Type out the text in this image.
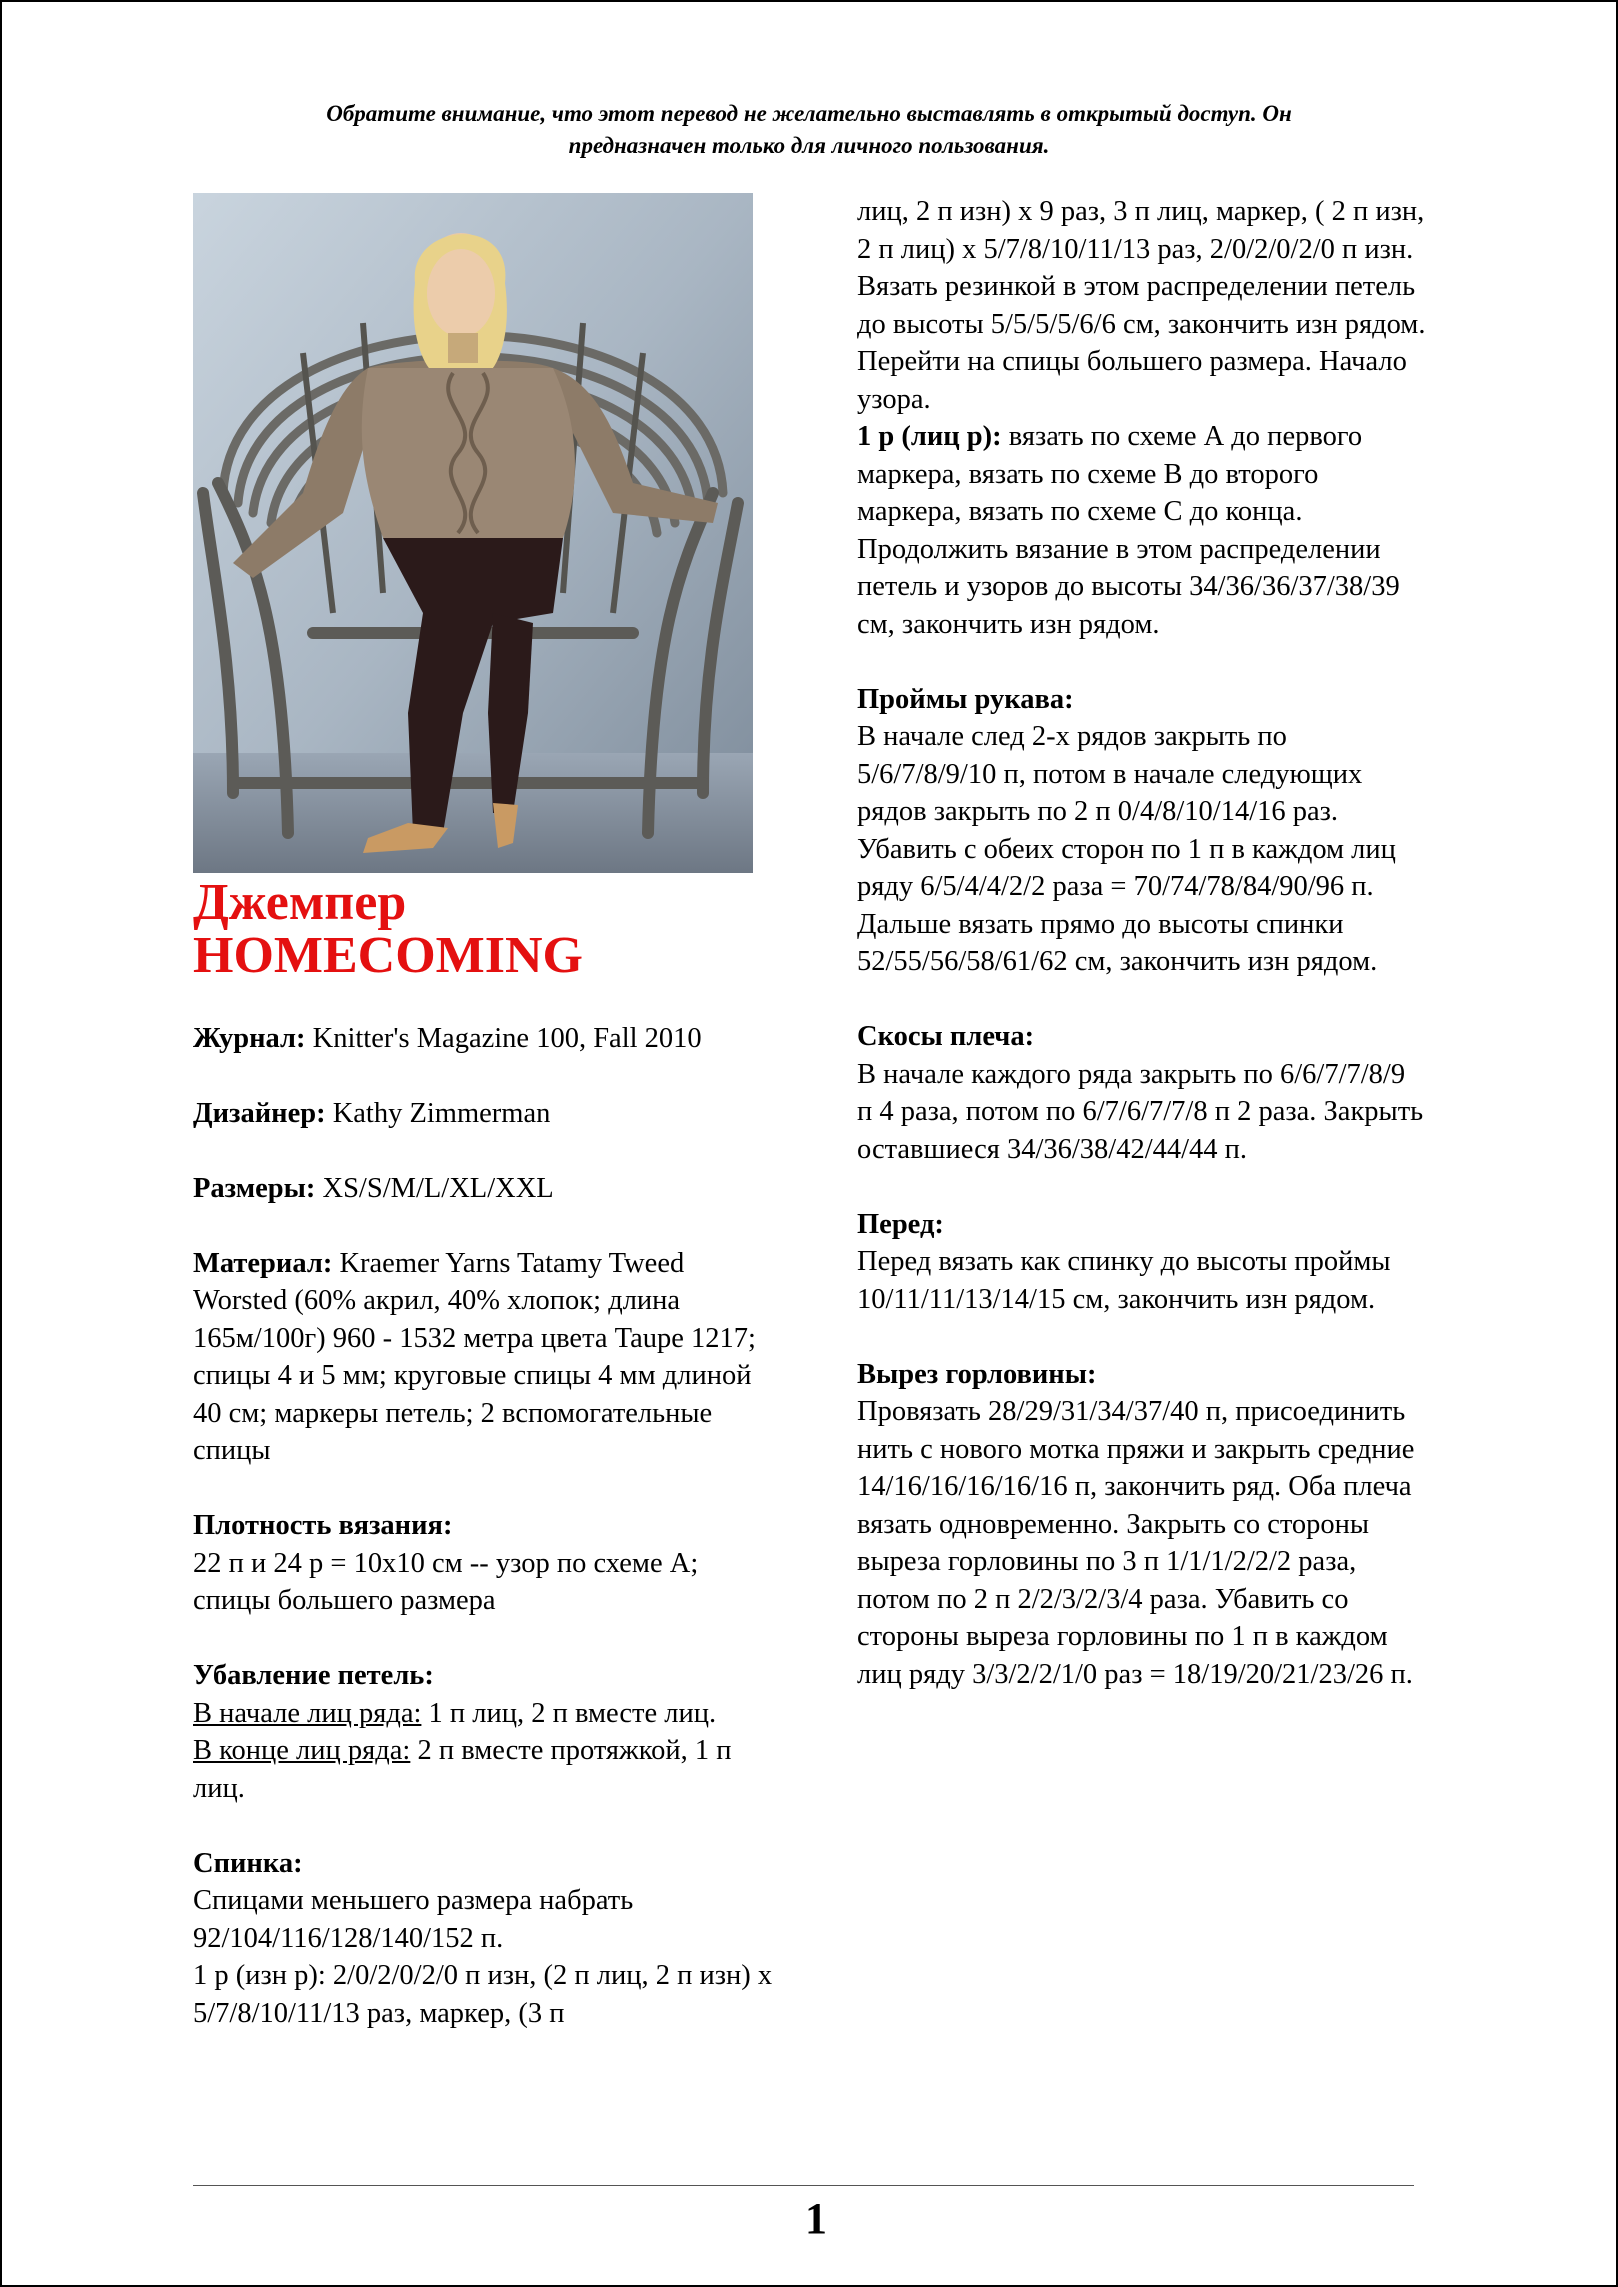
Обратите внимание, что этот перевод не желательно выставлять в открытый доступ. Он
предназначен только для личного пользования.
Джемпер
HOMECOMING

Журнал: Knitter's Magazine 100, Fall 2010

Дизайнер: Kathy Zimmerman

Размеры: XS/S/M/L/XL/XXL

Материал: Kraemer Yarns Tatamy Tweed Worsted (60% акрил, 40% хлопок; длина 165м/100г) 960 - 1532 метра цвета Taupe 1217; спицы 4 и 5 мм; круговые спицы 4 мм длиной 40 см; маркеры петель; 2 вспомогательные спицы

Плотность вязания:

22 п и 24 р = 10х10 см -- узор по схеме А; спицы большего размера

Убавление петель:

В начале лиц ряда: 1 п лиц, 2 п вместе лиц.

В конце лиц ряда: 2 п вместе протяжкой, 1 п лиц.

Спинка:

Спицами меньшего размера набрать 92/104/116/128/140/152 п.

1 р (изн р): 2/0/2/0/2/0 п изн, (2 п лиц, 2 п изн) х 5/7/8/10/11/13 раз, маркер, (3 п

лиц, 2 п изн) х 9 раз, 3 п лиц, маркер, ( 2 п изн, 2 п лиц) х 5/7/8/10/11/13 раз, 2/0/2/0/2/0 п изн.

Вязать резинкой в этом распределении петель до высоты 5/5/5/5/6/6 см, закончить изн рядом.

Перейти на спицы большего размера. Начало узора.

1 р (лиц р): вязать по схеме А до первого маркера, вязать по схеме В до второго маркера, вязать по схеме С до конца.

Продолжить вязание в этом распределении петель и узоров до высоты 34/36/36/37/38/39 см, закончить изн рядом.

Проймы рукава:

В начале след 2-х рядов закрыть по 5/6/7/8/9/10 п, потом в начале следующих рядов закрыть по 2 п 0/4/8/10/14/16 раз. Убавить с обеих сторон по 1 п в каждом лиц ряду 6/5/4/4/2/2 раза = 70/74/78/84/90/96 п. Дальше вязать прямо до высоты спинки 52/55/56/58/61/62 см, закончить изн рядом.

Скосы плеча:

В начале каждого ряда закрыть по 6/6/7/7/8/9 п 4 раза, потом по 6/7/6/7/7/8 п 2 раза. Закрыть оставшиеся 34/36/38/42/44/44 п.

Перед:

Перед вязать как спинку до высоты проймы 10/11/11/13/14/15 см, закончить изн рядом.

Вырез горловины:

Провязать 28/29/31/34/37/40 п, присоединить нить с нового мотка пряжи и закрыть средние 14/16/16/16/16/16 п, закончить ряд. Оба плеча вязать одновременно. Закрыть со стороны выреза горловины по 3 п 1/1/1/2/2/2 раза, потом по 2 п 2/2/3/2/3/4 раза. Убавить со стороны выреза горловины по 1 п в каждом лиц ряду 3/3/2/2/1/0 раз = 18/19/20/21/23/26 п.

1
